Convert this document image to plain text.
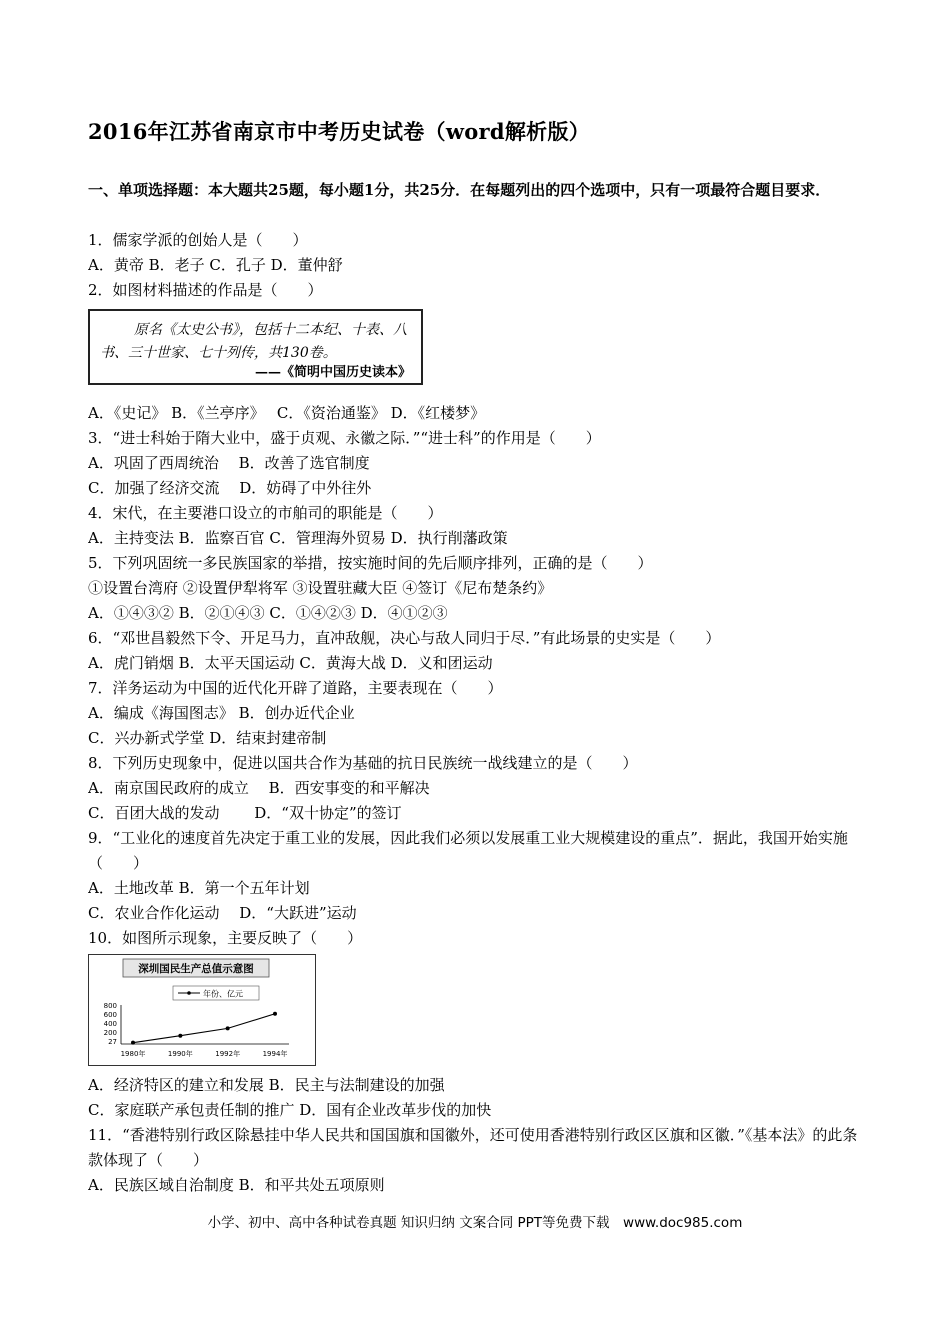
2016年江苏省南京市中考历史试卷（word解析版）
一、单项选择题：本大题共25题，每小题1分，共25分．在每题列出的四个选项中，只有一项最符合题目要求．
1．儒家学派的创始人是（　　）
A．黄帝 B．老子 C．孔子 D．董仲舒
2．如图材料描述的作品是（　　）
原名《太史公书》，包括十二本纪、十表、八
书、三十世家、七十列传，共130卷。
——《简明中国历史读本》
A．《史记》 B．《兰亭序》　 C．《资治通鉴》 D．《红楼梦》
3．“进士科始于隋大业中，盛于贞观、永徽之际．”“进士科”的作用是（　　）
A．巩固了西周统治　 B．改善了选官制度
C．加强了经济交流　 D．妨碍了中外往外
4．宋代，在主要港口设立的市舶司的职能是（　　）
A．主持变法 B．监察百官 C．管理海外贸易 D．执行削藩政策
5．下列巩固统一多民族国家的举措，按实施时间的先后顺序排列，正确的是（　　）
①设置台湾府 ②设置伊犁将军 ③设置驻藏大臣 ④签订《尼布楚条约》
A．①④③② B．②①④③ C．①④②③ D．④①②③
6．“邓世昌毅然下令、开足马力，直冲敌舰，决心与敌人同归于尽．”有此场景的史实是（　　）
A．虎门销烟 B．太平天国运动 C．黄海大战 D．义和团运动
7．洋务运动为中国的近代化开辟了道路，主要表现在（　　）
A．编成《海国图志》 B．创办近代企业
C．兴办新式学堂 D．结束封建帝制
8．下列历史现象中，促进以国共合作为基础的抗日民族统一战线建立的是（　　）
A．南京国民政府的成立　 B．西安事变的和平解决
C．百团大战的发动　　 D．“双十协定”的签订
9．“工业化的速度首先决定于重工业的发展，因此我们必须以发展重工业大规模建设的重点”．据此，我国开始实施（　　）
A．土地改革 B．第一个五年计划
C．农业合作化运动　 D．“大跃进”运动
10．如图所示现象，主要反映了（　　）
深圳国民生产总值示意图
年份、亿元
800
600
400
200
27
1980年	1990年	1992年	1994年
A．经济特区的建立和发展 B．民主与法制建设的加强
C．家庭联产承包责任制的推广 D．国有企业改革步伐的加快
11．“香港特别行政区除悬挂中华人民共和国国旗和国徽外，还可使用香港特别行政区区旗和区徽．”《基本法》的此条款体现了（　　）
A．民族区域自治制度 B．和平共处五项原则
小学、初中、高中各种试卷真题 知识归纳 文案合同 PPT等免费下载　www.doc985.com
